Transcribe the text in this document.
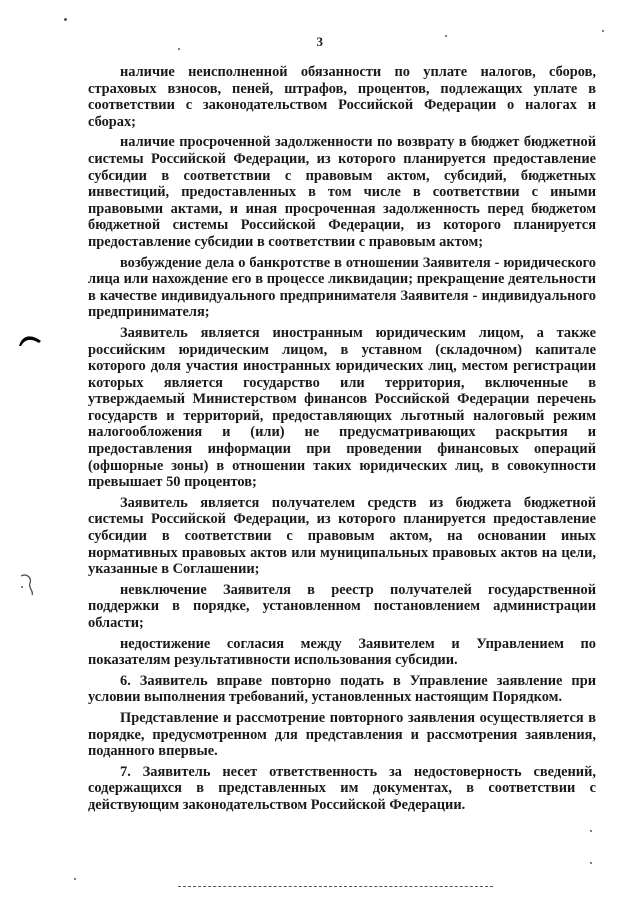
3

наличие неисполненной обязанности по уплате налогов, сборов, страховых взносов, пеней, штрафов, процентов, подлежащих уплате в соответствии с законодательством Российской Федерации о налогах и сборах;

наличие просроченной задолженности по возврату в бюджет бюджетной системы Российской Федерации, из которого планируется предоставление субсидии в соответствии с правовым актом, субсидий, бюджетных инвестиций, предоставленных в том числе в соответствии с иными правовыми актами, и иная просроченная задолженность перед бюджетом бюджетной системы Российской Федерации, из которого планируется предоставление субсидии в соответствии с правовым актом;

возбуждение дела о банкротстве в отношении Заявителя - юридического лица или нахождение его в процессе ликвидации; прекращение деятельности в качестве индивидуального предпринимателя Заявителя - индивидуального предпринимателя;

Заявитель является иностранным юридическим лицом, а также российским юридическим лицом, в уставном (складочном) капитале которого доля участия иностранных юридических лиц, местом регистрации которых является государство или территория, включенные в утверждаемый Министерством финансов Российской Федерации перечень государств и территорий, предоставляющих льготный налоговый режим налогообложения и (или) не предусматривающих раскрытия и предоставления информации при проведении финансовых операций (офшорные зоны) в отношении таких юридических лиц, в совокупности превышает 50 процентов;

Заявитель является получателем средств из бюджета бюджетной системы Российской Федерации, из которого планируется предоставление субсидии в соответствии с правовым актом, на основании иных нормативных правовых актов или муниципальных правовых актов на цели, указанные в Соглашении;

невключение Заявителя в реестр получателей государственной поддержки в порядке, установленном постановлением администрации области;

недостижение согласия между Заявителем и Управлением по показателям результативности использования субсидии.

6. Заявитель вправе повторно подать в Управление заявление при условии выполнения требований, установленных настоящим Порядком.

Представление и рассмотрение повторного заявления осуществляется в порядке, предусмотренном для представления и рассмотрения заявления, поданного впервые.

7. Заявитель несет ответственность за недостоверность сведений, содержащихся в представленных им документах, в соответствии с действующим законодательством Российской Федерации.
